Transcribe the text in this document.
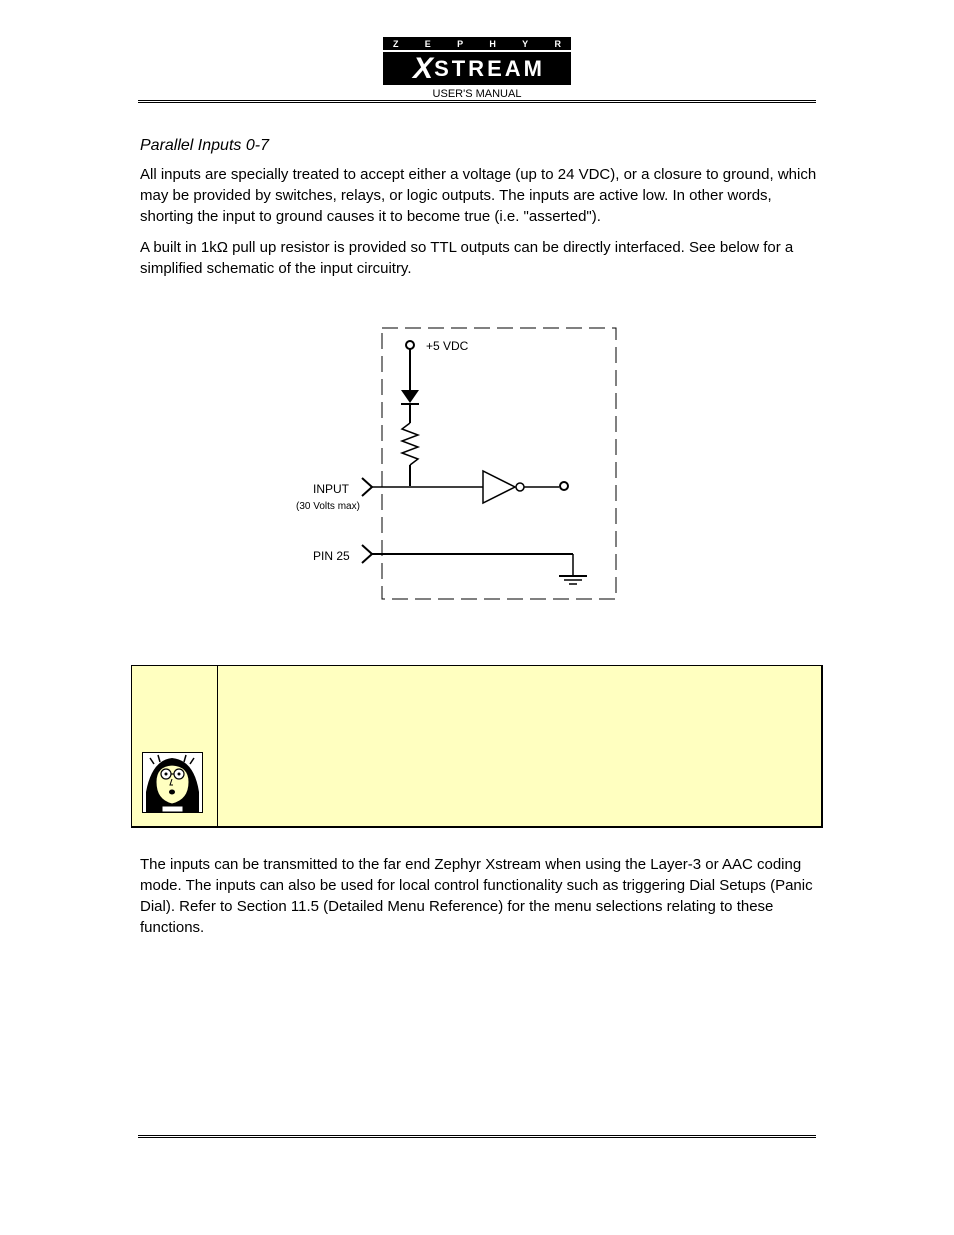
Z	E	P	H	Y	R
X STREAM
USER'S MANUAL
Parallel Inputs 0-7

All inputs are specially treated to accept either a voltage (up to 24 VDC), or a closure to ground, which may be provided by switches, relays, or logic outputs. The inputs are active low. In other words, shorting the input to ground causes it to become true (i.e. "asserted").

A built in 1kΩ pull up resistor is provided so TTL outputs can be directly interfaced. See below for a simplified schematic of the input circuitry.

+5 VDC
INPUT
(30 Volts max)
PIN 25

The inputs can be transmitted to the far end Zephyr Xstream when using the Layer-3 or AAC coding mode. The inputs can also be used for local control functionality such as triggering Dial Setups (Panic Dial). Refer to Section 11.5 (Detailed Menu Reference) for the menu selections relating to these functions.
